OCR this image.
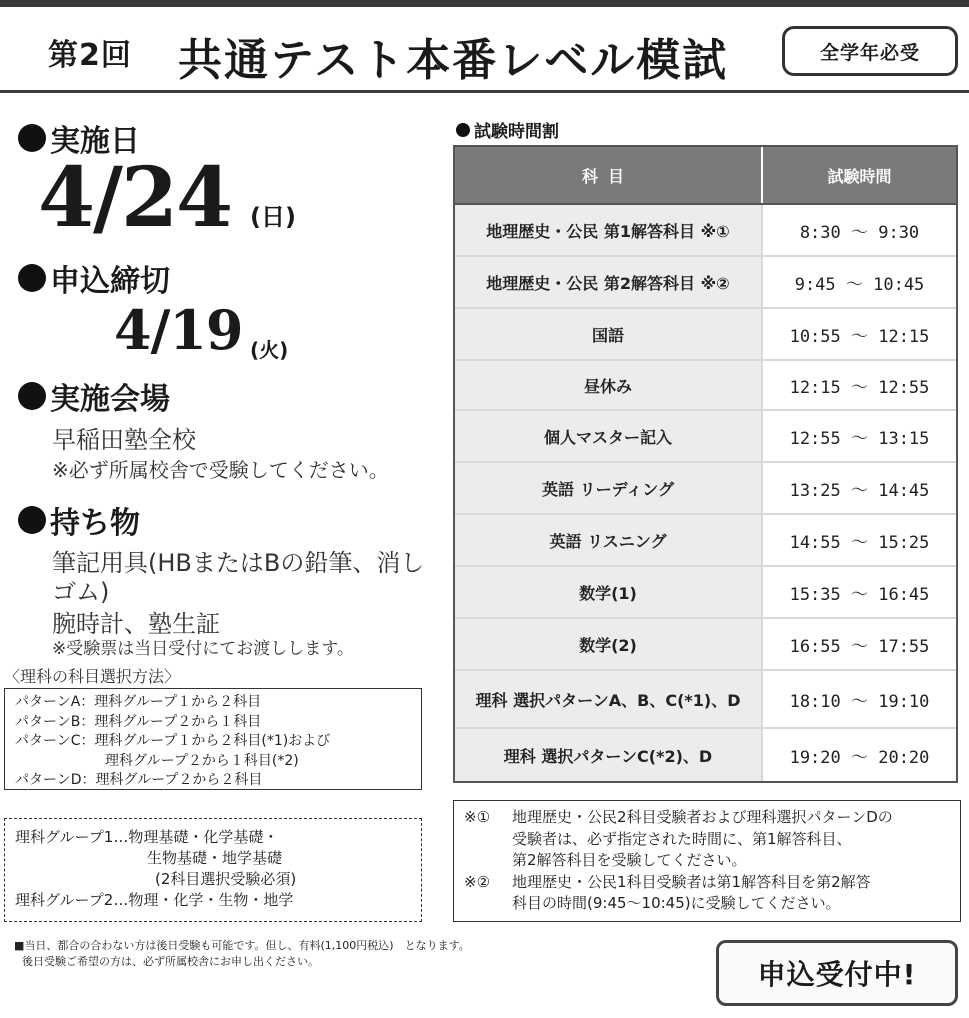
第2回 共通テスト本番レベル模試	全学年必受
実施日
4/24 (日)
申込締切
4/19 (火)
実施会場
早稲田塾全校
※必ず所属校舎で受験してください。
持ち物
筆記用具(HBまたはBの鉛筆、消し
ゴム)
腕時計、塾生証
※受験票は当日受付にてお渡しします。
〈理科の科目選択方法〉
パターンA：理科グループ１から２科目
パターンB：理科グループ２から１科目
パターンC：理科グループ１から２科目(*1)および
理科グループ２から１科目(*2)
パターンD：理科グループ２から２科目
理科グループ1…物理基礎・化学基礎・
生物基礎・地学基礎
(2科目選択受験必須)
理科グループ2…物理・化学・生物・地学
■当日、都合の合わない方は後日受験も可能です。但し、有料(1,100円税込)　となります。
後日受験ご希望の方は、必ず所属校舎にお申し出ください。
試験時間割
科目	試験時間
地理歴史・公民 第1解答科目 ※①	8:30 ～ 9:30
地理歴史・公民 第2解答科目 ※②	9:45 ～ 10:45
国語	10:55 ～ 12:15
昼休み	12:15 ～ 12:55
個人マスター記入	12:55 ～ 13:15
英語 リーディング	13:25 ～ 14:45
英語 リスニング	14:55 ～ 15:25
数学(1)	15:35 ～ 16:45
数学(2)	16:55 ～ 17:55
理科 選択パターンA、B、C(*1)、D	18:10 ～ 19:10
理科 選択パターンC(*2)、D	19:20 ～ 20:20
※①	地理歴史・公民2科目受験者および理科選択パターンDの
受験者は、必ず指定された時間に、第1解答科目、
第2解答科目を受験してください。
※②	地理歴史・公民1科目受験者は第1解答科目を第2解答
科目の時間(9:45～10:45)に受験してください。
申込受付中!
